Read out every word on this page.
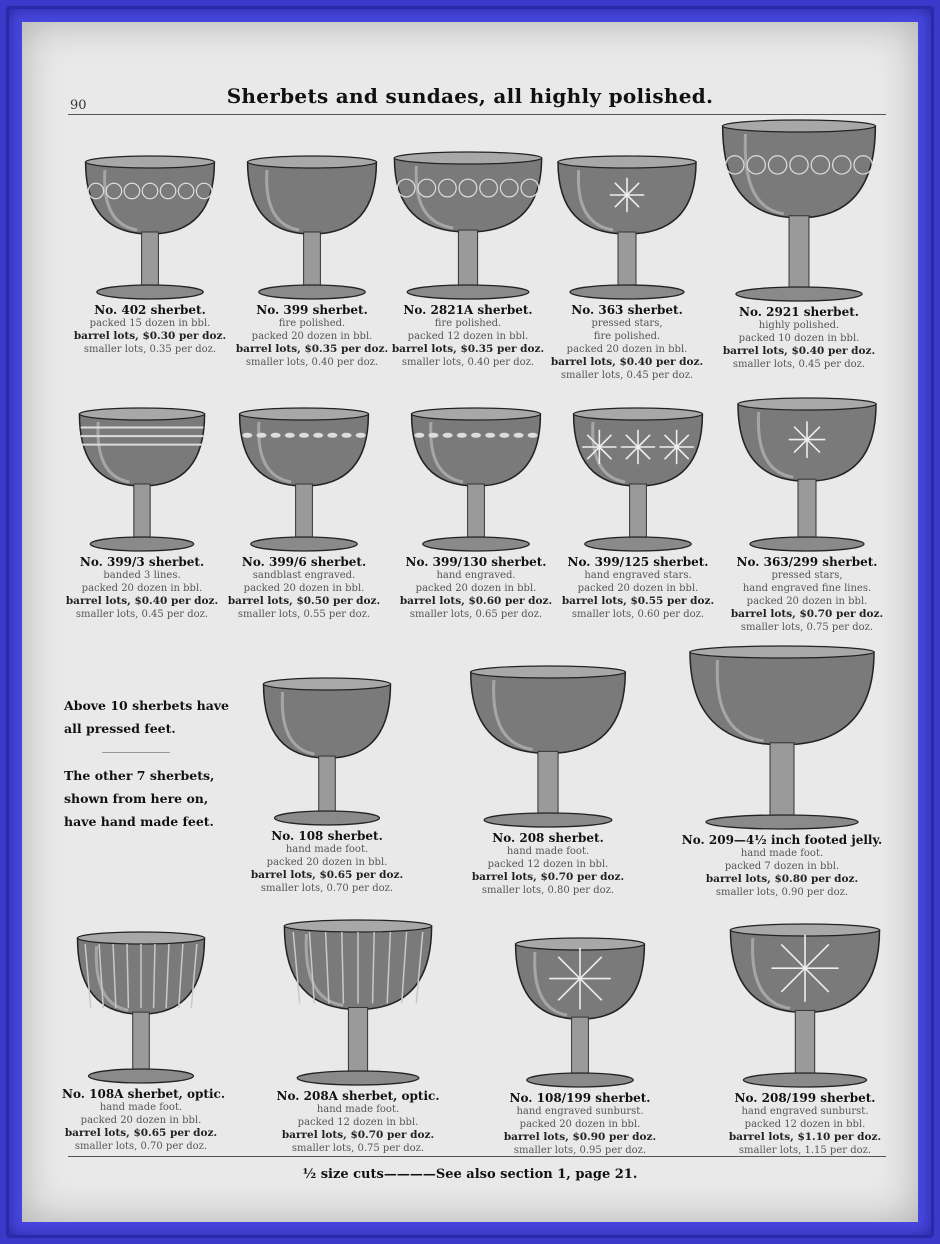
90	Sherbets and sundaes, all highly polished.
Above 10 sherbets have all pressed feet.
The other 7 sherbets, shown from here on, have hand made feet.
No. 402 sherbet.
packed 15 dozen in bbl.
barrel lots, $0.30 per doz.
smaller lots, 0.35 per doz.
No. 399 sherbet.
fire polished.
packed 20 dozen in bbl.
barrel lots, $0.35 per doz.
smaller lots, 0.40 per doz.
No. 2821A sherbet.
fire polished.
packed 12 dozen in bbl.
barrel lots, $0.35 per doz.
smaller lots, 0.40 per doz.
No. 363 sherbet.
pressed stars,
fire polished.
packed 20 dozen in bbl.
barrel lots, $0.40 per doz.
smaller lots, 0.45 per doz.
No. 2921 sherbet.
highly polished.
packed 10 dozen in bbl.
barrel lots, $0.40 per doz.
smaller lots, 0.45 per doz.
No. 399/3 sherbet.
banded 3 lines.
packed 20 dozen in bbl.
barrel lots, $0.40 per doz.
smaller lots, 0.45 per doz.
No. 399/6 sherbet.
sandblast engraved.
packed 20 dozen in bbl.
barrel lots, $0.50 per doz.
smaller lots, 0.55 per doz.
No. 399/130 sherbet.
hand engraved.
packed 20 dozen in bbl.
barrel lots, $0.60 per doz.
smaller lots, 0.65 per doz.
No. 399/125 sherbet.
hand engraved stars.
packed 20 dozen in bbl.
barrel lots, $0.55 per doz.
smaller lots, 0.60 per doz.
No. 363/299 sherbet.
pressed stars,
hand engraved fine lines.
packed 20 dozen in bbl.
barrel lots, $0.70 per doz.
smaller lots, 0.75 per doz.
No. 108 sherbet.
hand made foot.
packed 20 dozen in bbl.
barrel lots, $0.65 per doz.
smaller lots, 0.70 per doz.
No. 208 sherbet.
hand made foot.
packed 12 dozen in bbl.
barrel lots, $0.70 per doz.
smaller lots, 0.80 per doz.
No. 209—4½ inch footed jelly.
hand made foot.
packed 7 dozen in bbl.
barrel lots, $0.80 per doz.
smaller lots, 0.90 per doz.
No. 108A sherbet, optic.
hand made foot.
packed 20 dozen in bbl.
barrel lots, $0.65 per doz.
smaller lots, 0.70 per doz.
No. 208A sherbet, optic.
hand made foot.
packed 12 dozen in bbl.
barrel lots, $0.70 per doz.
smaller lots, 0.75 per doz.
No. 108/199 sherbet.
hand engraved sunburst.
packed 20 dozen in bbl.
barrel lots, $0.90 per doz.
smaller lots, 0.95 per doz.
No. 208/199 sherbet.
hand engraved sunburst.
packed 12 dozen in bbl.
barrel lots, $1.10 per doz.
smaller lots, 1.15 per doz.
½ size cuts————See also section 1, page 21.
